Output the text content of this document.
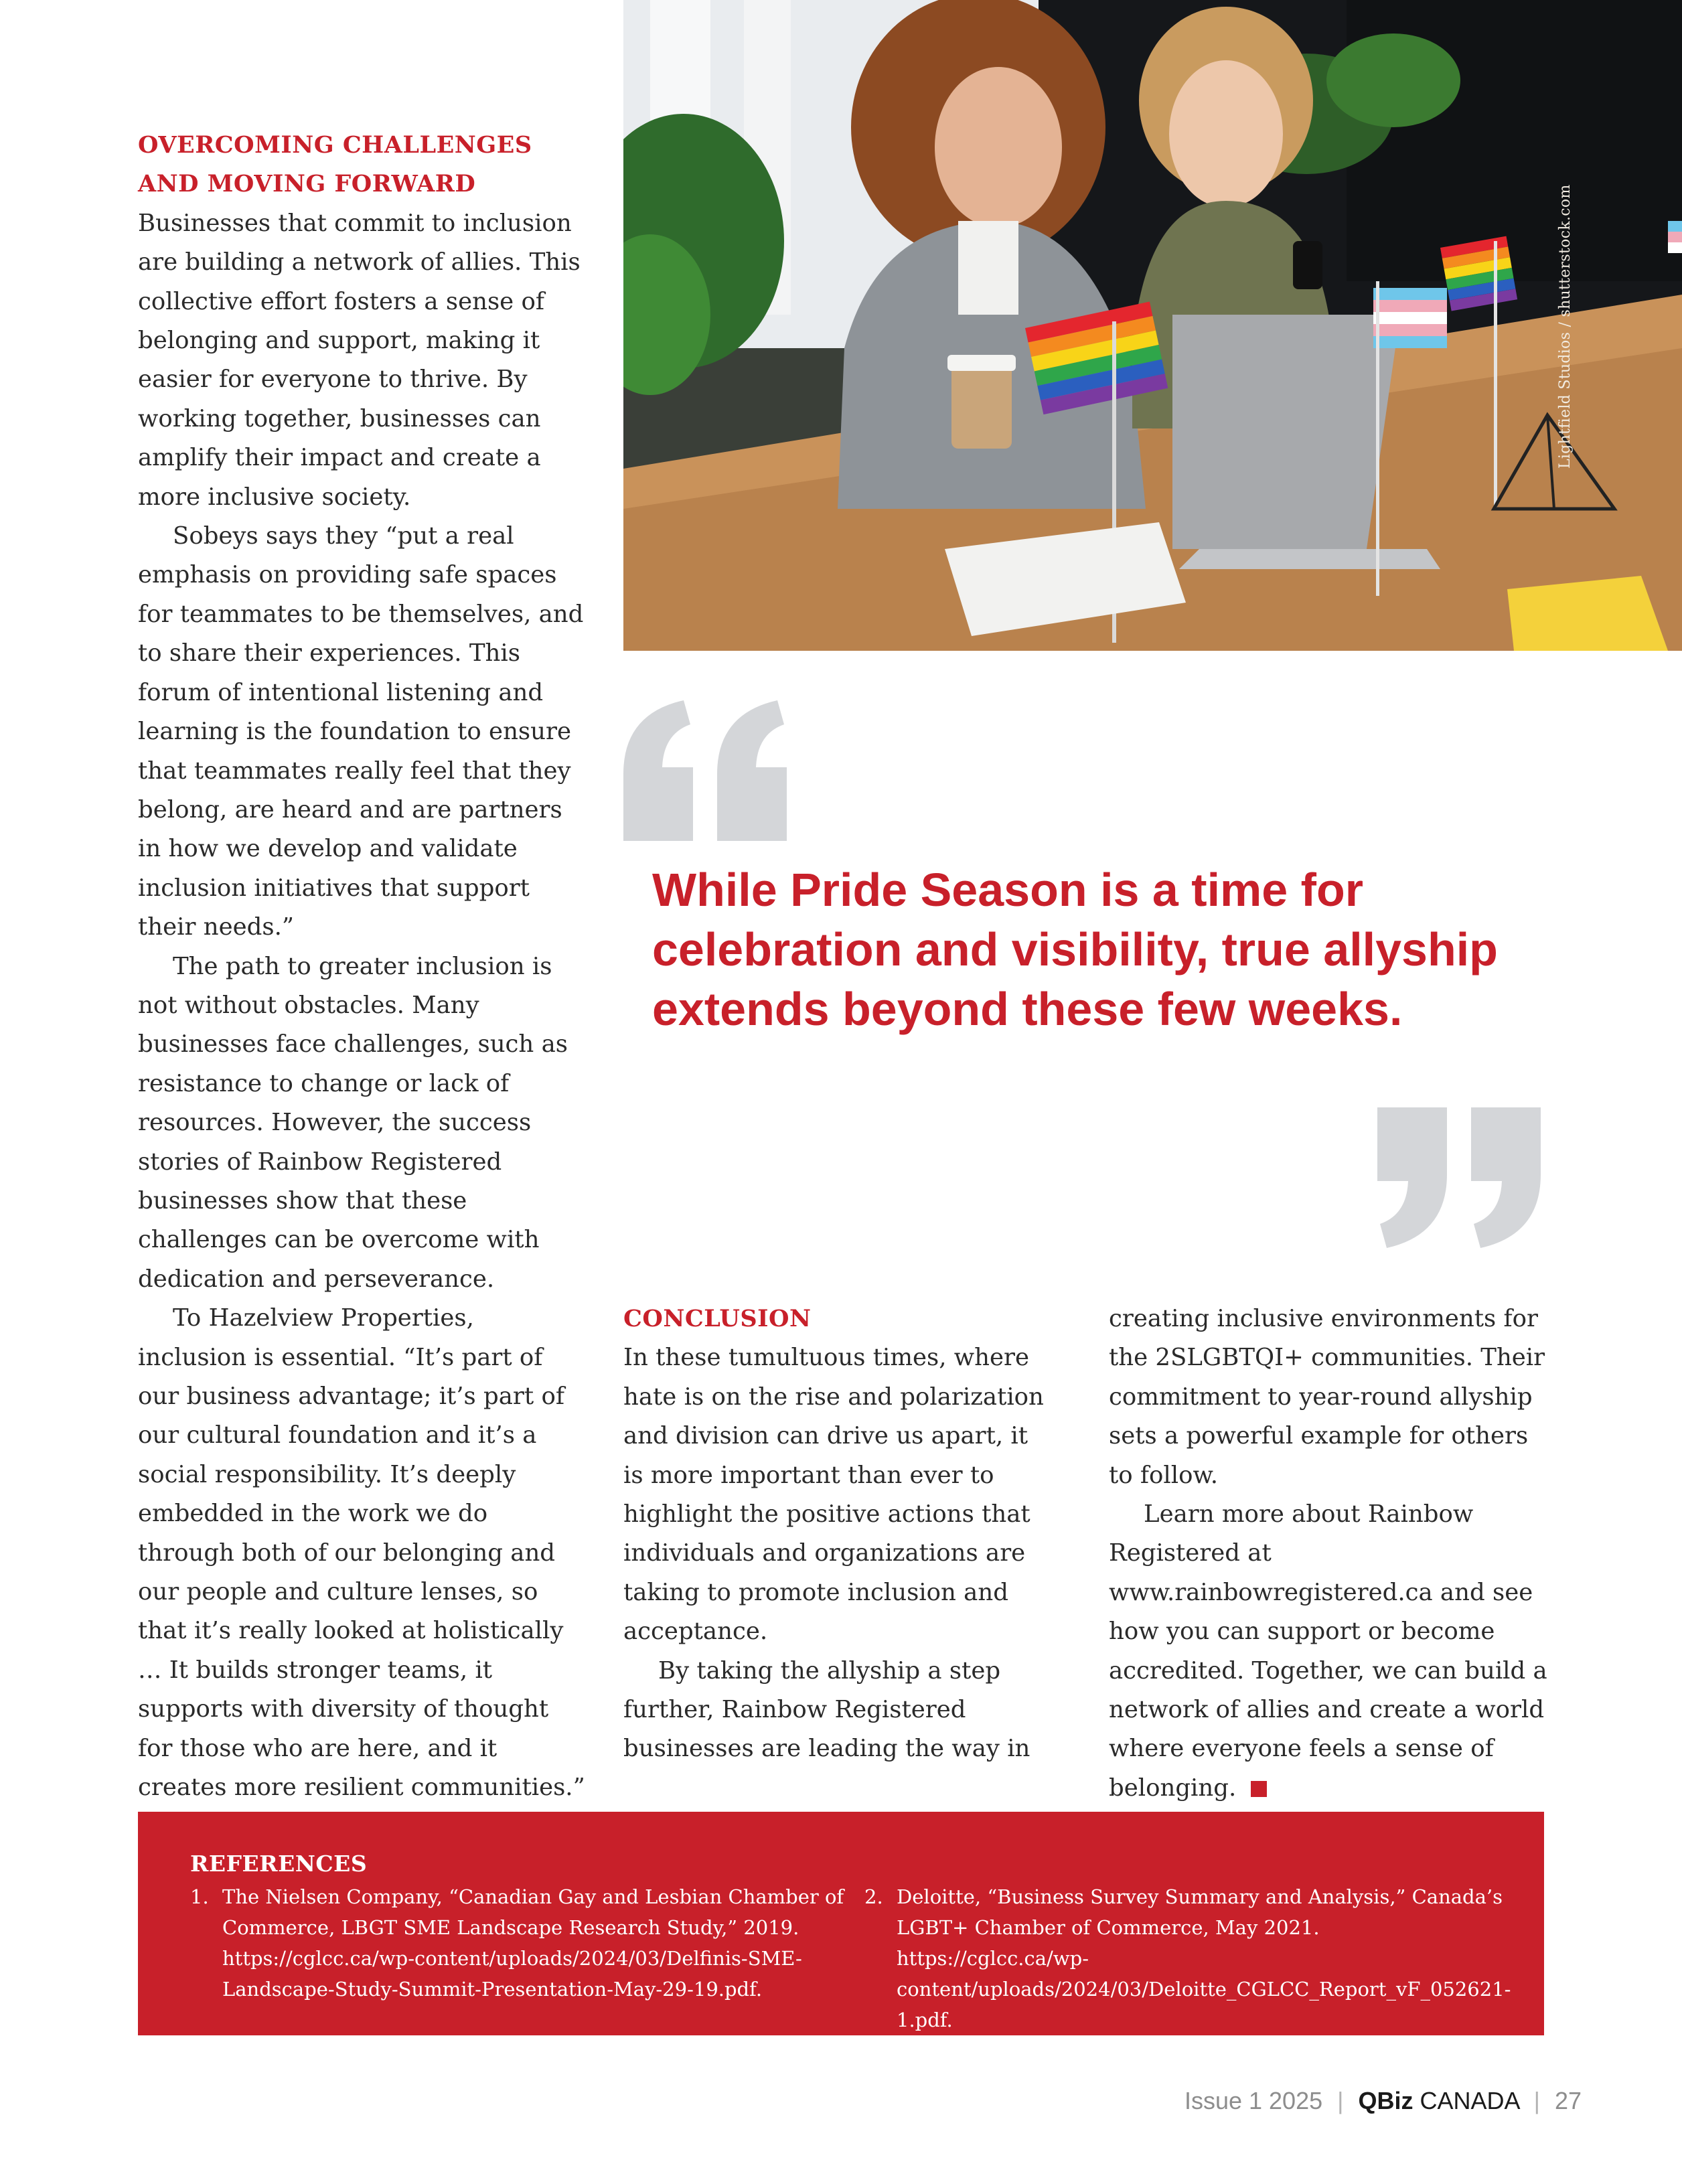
OVERCOMING CHALLENGES AND MOVING FORWARD

Businesses that commit to inclusion are building a network of allies. This collective effort fosters a sense of belonging and support, making it easier for everyone to thrive. By working together, businesses can amplify their impact and create a more inclusive society.

Sobeys says they “put a real emphasis on providing safe spaces for teammates to be themselves, and to share their experiences. This forum of intentional listening and learning is the foundation to ensure that teammates really feel that they belong, are heard and are partners in how we develop and validate inclusion initiatives that support their needs.”

The path to greater inclusion is not without obstacles. Many businesses face challenges, such as resistance to change or lack of resources. However, the success stories of Rainbow Registered businesses show that these challenges can be overcome with dedication and perseverance.

To Hazelview Properties, inclusion is essential. “It’s part of our business advantage; it’s part of our cultural foundation and it’s a social responsibility. It’s deeply embedded in the work we do through both of our belonging and our people and culture lenses, so that it’s really looked at holistically … It builds stronger teams, it supports with diversity of thought for those who are here, and it creates more resilient communities.”

Lightfield Studios / shutterstock.com

While Pride Season is a time for celebration and visibility, true allyship extends beyond these few weeks.

CONCLUSION

In these tumultuous times, where hate is on the rise and polarization and division can drive us apart, it is more important than ever to highlight the positive actions that individuals and organizations are taking to promote inclusion and acceptance.

By taking the allyship a step further, Rainbow Registered businesses are leading the way in

creating inclusive environments for the 2SLGBTQI+ communities. Their commitment to year-round allyship sets a powerful example for others to follow.

Learn more about Rainbow Registered at www.rainbowregistered.ca and see how you can support or become accredited. Together, we can build a network of allies and create a world where everyone feels a sense of belonging.

REFERENCES
1. The Nielsen Company, “Canadian Gay and Lesbian Chamber of Commerce, LBGT SME Landscape Research Study,” 2019. https://cglcc.ca/wp-content/uploads/2024/03/Delfinis-SME-Landscape-Study-Summit-Presentation-May-29-19.pdf.
2. Deloitte, “Business Survey Summary and Analysis,” Canada’s LGBT+ Chamber of Commerce, May 2021. https://cglcc.ca/wp-content/uploads/2024/03/Deloitte_CGLCC_Report_vF_052621-1.pdf.
Issue 1 2025 | QBiz CANADA | 27
